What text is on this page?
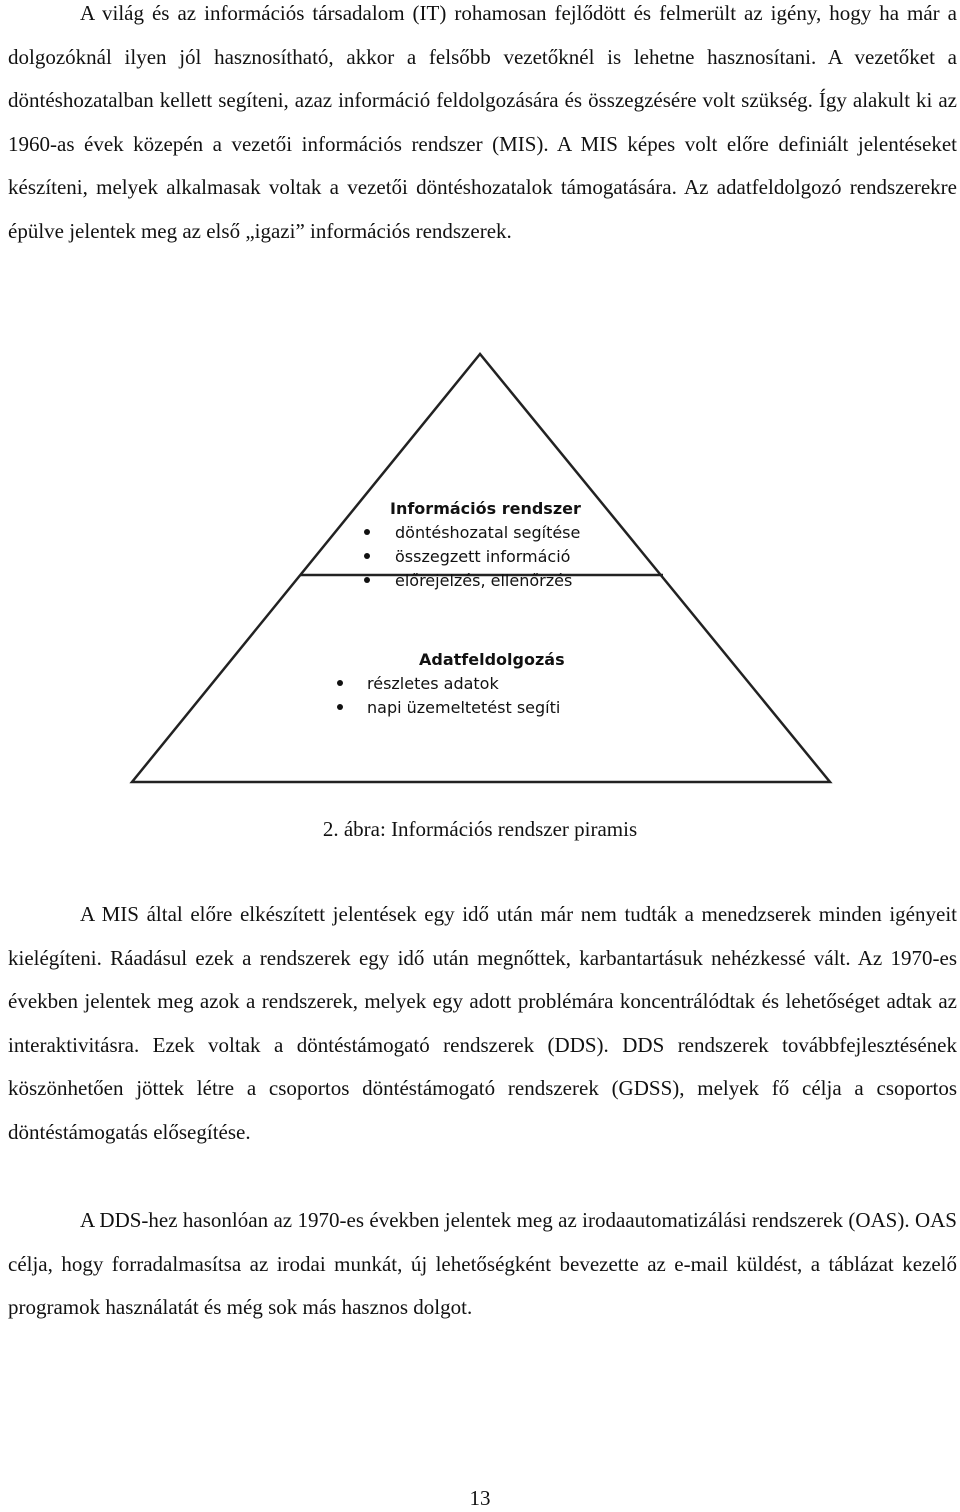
A világ és az információs társadalom (IT) rohamosan fejlődött és felmerült az igény, hogy ha már a dolgozóknál ilyen jól hasznosítható, akkor a felsőbb vezetőknél is lehetne hasznosítani. A vezetőket a döntéshozatalban kellett segíteni, azaz információ feldolgozására és összegzésére volt szükség. Így alakult ki az 1960-as évek közepén a vezetői információs rendszer (MIS). A MIS képes volt előre definiált jelentéseket készíteni, melyek alkalmasak voltak a vezetői döntéshozatalok támogatására. Az adatfeldolgozó rendszerekre épülve jelentek meg az első „igazi” információs rendszerek.

Információs rendszer
döntéshozatal segítése
összegzett információ
előrejelzés, ellenőrzés
Adatfeldolgozás
részletes adatok
napi üzemeltetést segíti
2. ábra: Információs rendszer piramis

A MIS által előre elkészített jelentések egy idő után már nem tudták a menedzserek minden igényeit kielégíteni. Ráadásul ezek a rendszerek egy idő után megnőttek, karbantartásuk nehézkessé vált. Az 1970-es években jelentek meg azok a rendszerek, melyek egy adott problémára koncentrálódtak és lehetőséget adtak az interaktivitásra. Ezek voltak a döntéstámogató rendszerek (DDS). DDS rendszerek továbbfejlesztésének köszönhetően jöttek létre a csoportos döntéstámogató rendszerek (GDSS), melyek fő célja a csoportos döntéstámogatás elősegítése.

A DDS-hez hasonlóan az 1970-es években jelentek meg az irodaautomatizálási rendszerek (OAS). OAS célja, hogy forradalmasítsa az irodai munkát, új lehetőségként bevezette az e-mail küldést, a táblázat kezelő programok használatát és még sok más hasznos dolgot.

13
